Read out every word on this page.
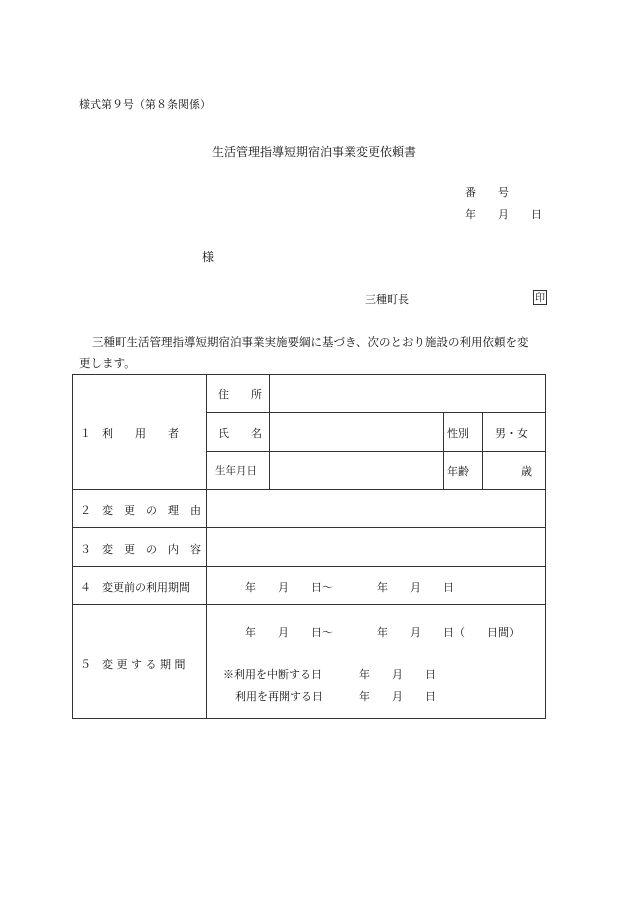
様式第９号（第８条関係）
生活管理指導短期宿泊事業変更依頼書
番　　号
年　　月　　日
様
三種町長	印
三種町生活管理指導短期宿泊事業実施要綱に基づき、次のとおり施設の利用依頼を変
更します。
１　利　　用　　者
住　　所
氏　　名	性別 男・女
生年月日	年齢	歳
２　変　更　の　理　由
３　変　更　の　内　容
４　変更前の利用期間	年　　月　　日〜　　　　年　　月　　日
５　変 更 す る 期 間
年　　月　　日〜　　　　年　　月　　日（　　日間）
※利用を中断する日	年　　月　　日
利用を再開する日	年　　月　　日
